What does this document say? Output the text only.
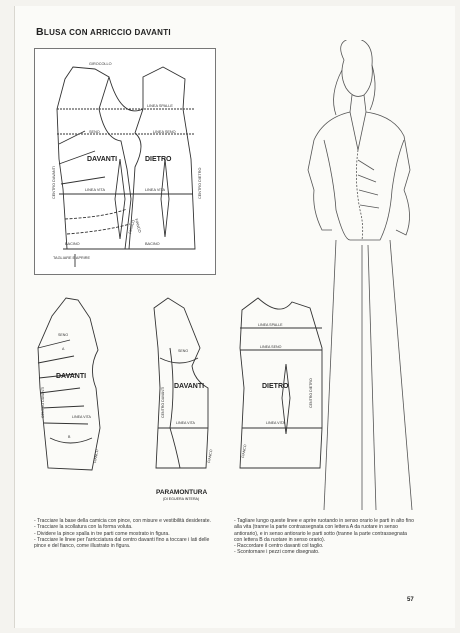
BLUSA CON ARRICCIO DAVANTI
GIROCOLLO
LINEA SPALLE
SENO	LINEA SENO
LINEA VITA	LINEA VITA
BACINO
BACINO
TAGLIARE E APRIRE
CENTRO DAVANTI	CENTRO DIETRO
FIANCO
FIANCO
DAVANTI	DIETRO
SENO
LINEA VITA
A
B
SENO
LINEA VITA
LINEA SPALLE
LINEA SENO
LINEA VITA
CENTRO DAVANTI	CENTRO DAVANTI	CENTRO DIETRO
FIANCO	FIANCO	FIANCO
DAVANTI
DAVANTI	DIETRO
PARAMONTURA
(DI EGUERA INTERA)

- Tracciare la base della camicia con pince, con misure e vestibilità desiderate.

- Tracciare la scollatura con la forma voluta.

- Dividere la pince spalla in tre parti come mostrato in figura.

- Tracciare le linee per l'arricciatura dal centro davanti fino a toccare i lati delle pince e del fianco, come illustrato in figura.

- Tagliare lungo queste linee e aprire ruotando in senso orario le parti in alto fino alla vita (tranne la parte contrassegnata con lettera A da ruotare in senso antiorario), e in senso antiorario le parti sotto (tranne la parte contrassegnata con lettera B da ruotare in senso orario).

- Raccordare il centro davanti col taglio.

- Scontornare i pezzi come disegnato.

57
